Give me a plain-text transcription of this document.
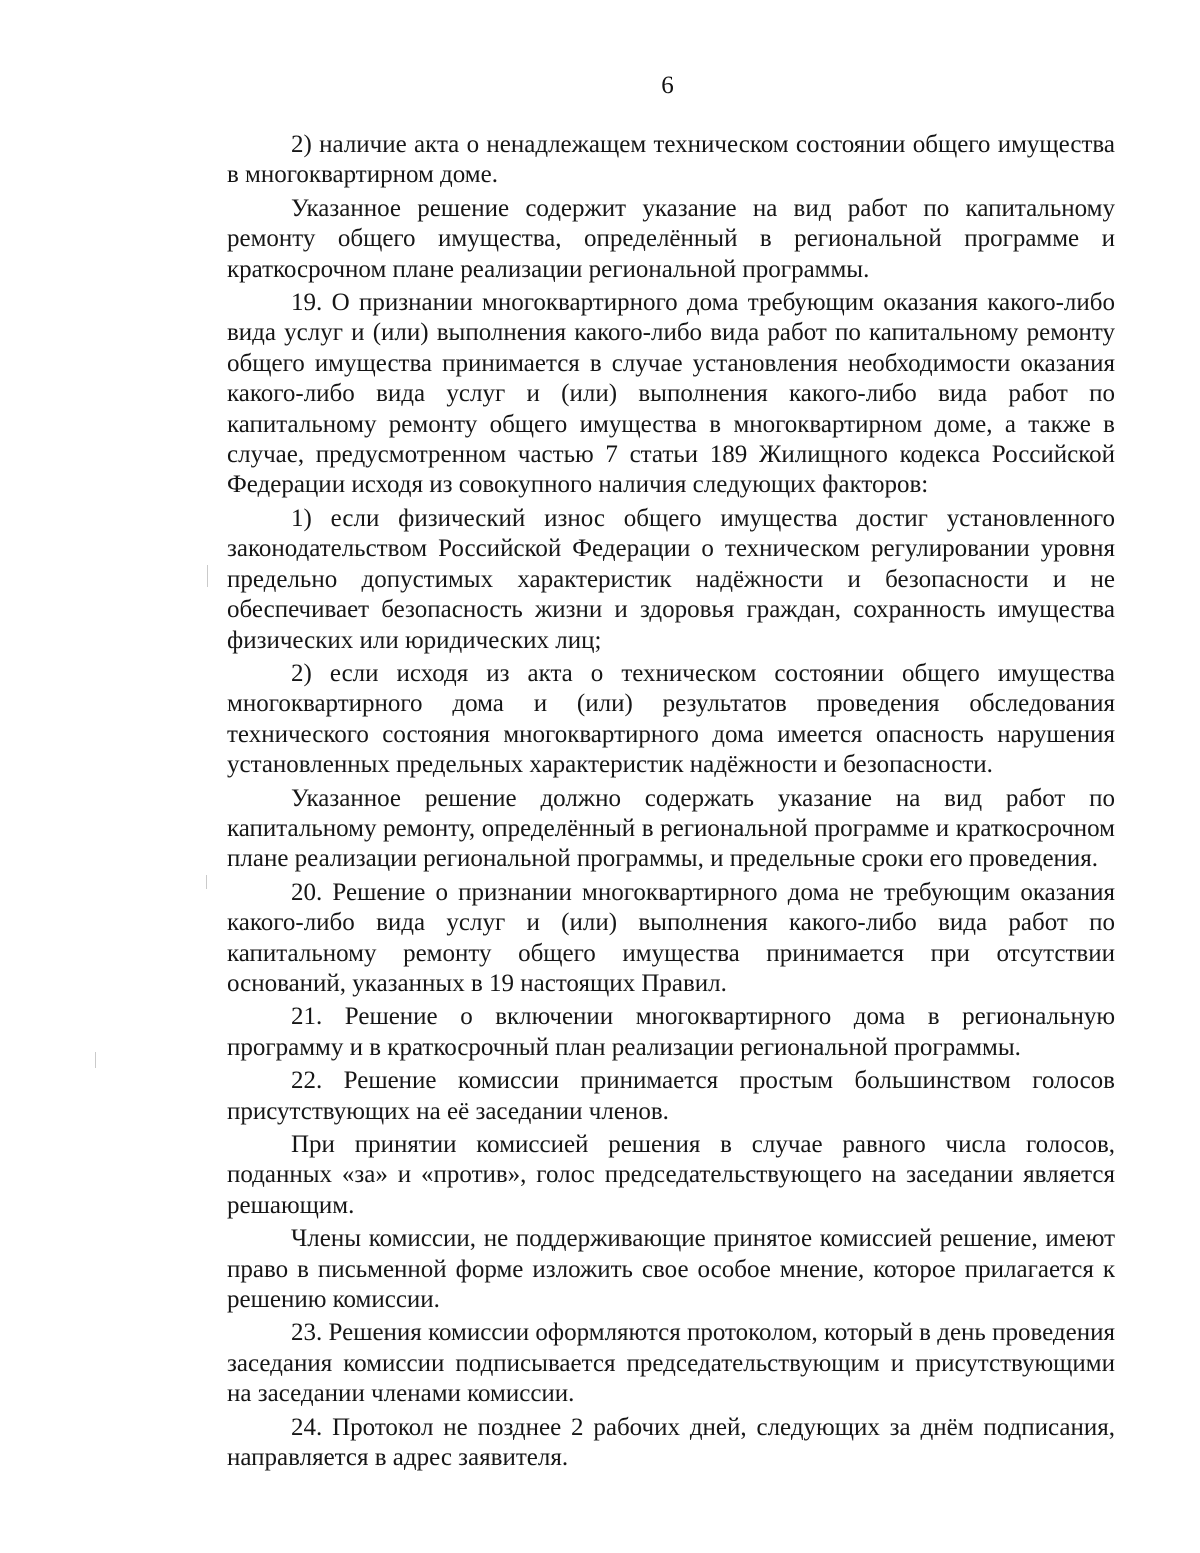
6

2) наличие акта о ненадлежащем техническом состоянии общего имущества в многоквартирном доме.

Указанное решение содержит указание на вид работ по капитальному ремонту общего имущества, определённый в региональной программе и краткосрочном плане реализации региональной программы.

19. О признании многоквартирного дома требующим оказания какого-либо вида услуг и (или) выполнения какого-либо вида работ по капитальному ремонту общего имущества принимается в случае установления необходимости оказания какого-либо вида услуг и (или) выполнения какого-либо вида работ по капитальному ремонту общего имущества в многоквартирном доме, а также в случае, предусмотренном частью 7 статьи 189 Жилищного кодекса Российской Федерации исходя из совокупного наличия следующих факторов:

1) если физический износ общего имущества достиг установленного законодательством Российской Федерации о техническом регулировании уровня предельно допустимых характеристик надёжности и безопасности и не обеспечивает безопасность жизни и здоровья граждан, сохранность имущества физических или юридических лиц;

2) если исходя из акта о техническом состоянии общего имущества многоквартирного дома и (или) результатов проведения обследования технического состояния многоквартирного дома имеется опасность нарушения установленных предельных характеристик надёжности и безопасности.

Указанное решение должно содержать указание на вид работ по капитальному ремонту, определённый в региональной программе и краткосрочном плане реализации региональной программы, и предельные сроки его проведения.

20. Решение о признании многоквартирного дома не требующим оказания какого-либо вида услуг и (или) выполнения какого-либо вида работ по капитальному ремонту общего имущества принимается при отсутствии оснований, указанных в 19 настоящих Правил.

21. Решение о включении многоквартирного дома в региональную программу и в краткосрочный план реализации региональной программы.

22. Решение комиссии принимается простым большинством голосов присутствующих на её заседании членов.

При принятии комиссией решения в случае равного числа голосов, поданных «за» и «против», голос председательствующего на заседании является решающим.

Члены комиссии, не поддерживающие принятое комиссией решение, имеют право в письменной форме изложить свое особое мнение, которое прилагается к решению комиссии.

23. Решения комиссии оформляются протоколом, который в день проведения заседания комиссии подписывается председательствующим и присутствующими на заседании членами комиссии.

24. Протокол не позднее 2 рабочих дней, следующих за днём подписания, направляется в адрес заявителя.
